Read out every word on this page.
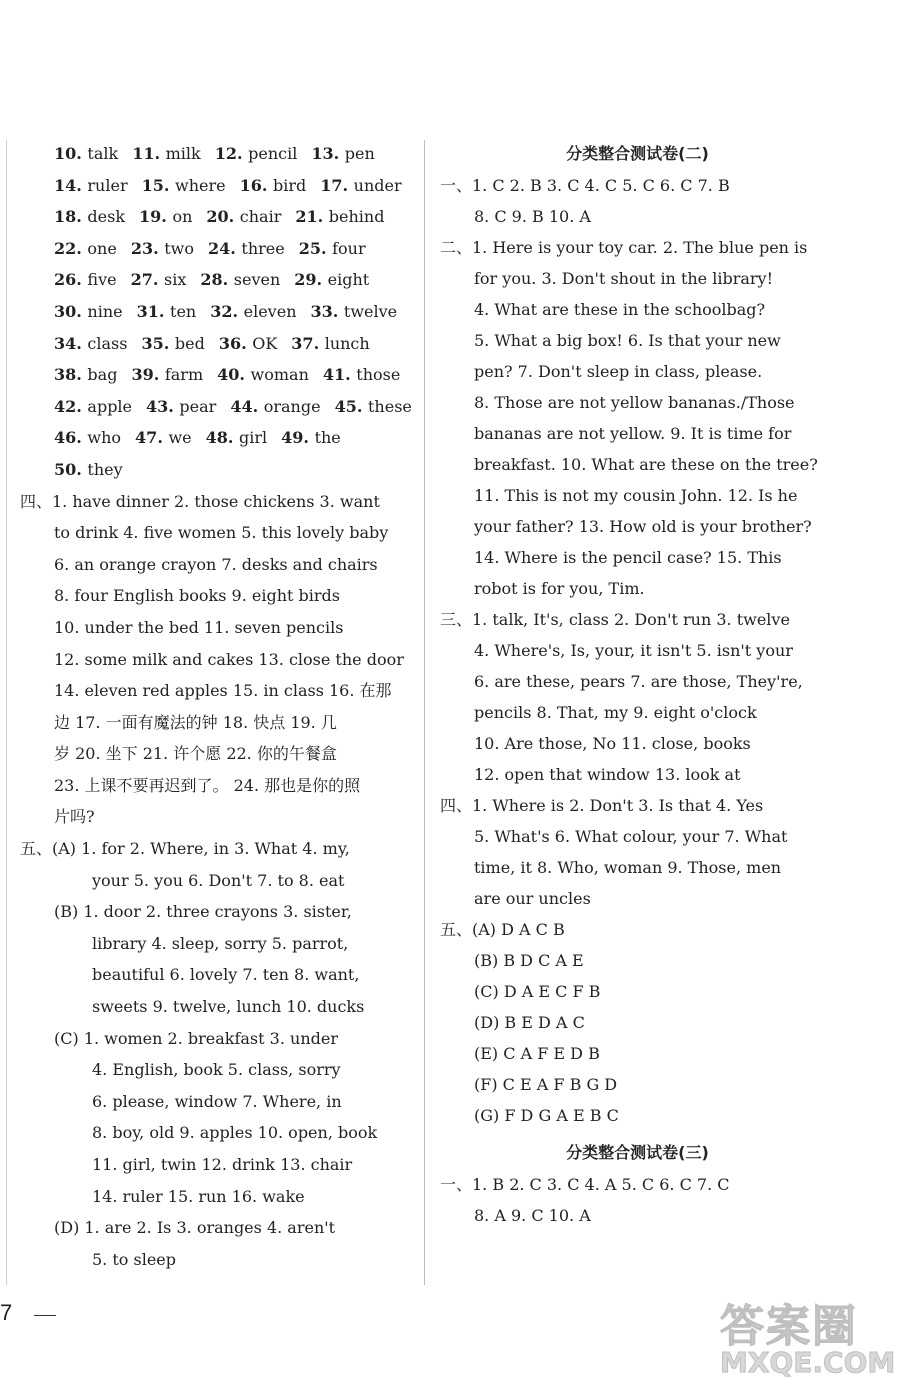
10. talk 11. milk 12. pencil 13. pen
14. ruler 15. where 16. bird 17. under
18. desk 19. on 20. chair 21. behind
22. one 23. two 24. three 25. four
26. five 27. six 28. seven 29. eight
30. nine 31. ten 32. eleven 33. twelve
34. class 35. bed 36. OK 37. lunch
38. bag 39. farm 40. woman 41. those
42. apple 43. pear 44. orange 45. these
46. who 47. we 48. girl 49. the
50. they
四、1. have dinner 2. those chickens 3. want
to drink 4. five women 5. this lovely baby
6. an orange crayon 7. desks and chairs
8. four English books 9. eight birds
10. under the bed 11. seven pencils
12. some milk and cakes 13. close the door
14. eleven red apples 15. in class 16. 在那
边 17. 一面有魔法的钟 18. 快点 19. 几
岁 20. 坐下 21. 许个愿 22. 你的午餐盒
23. 上课不要再迟到了。 24. 那也是你的照
片吗?
五、(A) 1. for 2. Where, in 3. What 4. my,
your 5. you 6. Don't 7. to 8. eat
(B) 1. door 2. three crayons 3. sister,
library 4. sleep, sorry 5. parrot,
beautiful 6. lovely 7. ten 8. want,
sweets 9. twelve, lunch 10. ducks
(C) 1. women 2. breakfast 3. under
4. English, book 5. class, sorry
6. please, window 7. Where, in
8. boy, old 9. apples 10. open, book
11. girl, twin 12. drink 13. chair
14. ruler 15. run 16. wake
(D) 1. are 2. Is 3. oranges 4. aren't
5. to sleep
分类整合测试卷(二)
一、1. C 2. B 3. C 4. C 5. C 6. C 7. B
8. C 9. B 10. A
二、1. Here is your toy car. 2. The blue pen is
for you. 3. Don't shout in the library!
4. What are these in the schoolbag?
5. What a big box! 6. Is that your new
pen? 7. Don't sleep in class, please.
8. Those are not yellow bananas./Those
bananas are not yellow. 9. It is time for
breakfast. 10. What are these on the tree?
11. This is not my cousin John. 12. Is he
your father? 13. How old is your brother?
14. Where is the pencil case? 15. This
robot is for you, Tim.
三、1. talk, It's, class 2. Don't run 3. twelve
4. Where's, Is, your, it isn't 5. isn't your
6. are these, pears 7. are those, They're,
pencils 8. That, my 9. eight o'clock
10. Are those, No 11. close, books
12. open that window 13. look at
四、1. Where is 2. Don't 3. Is that 4. Yes
5. What's 6. What colour, your 7. What
time, it 8. Who, woman 9. Those, men
are our uncles
五、(A) D A C B
(B) B D C A E
(C) D A E C F B
(D) B E D A C
(E) C A F E D B
(F) C E A F B G D
(G) F D G A E B C
分类整合测试卷(三)
一、1. B 2. C 3. C 4. A 5. C 6. C 7. C
8. A 9. C 10. A
7	答案圈
MXQE.COM
